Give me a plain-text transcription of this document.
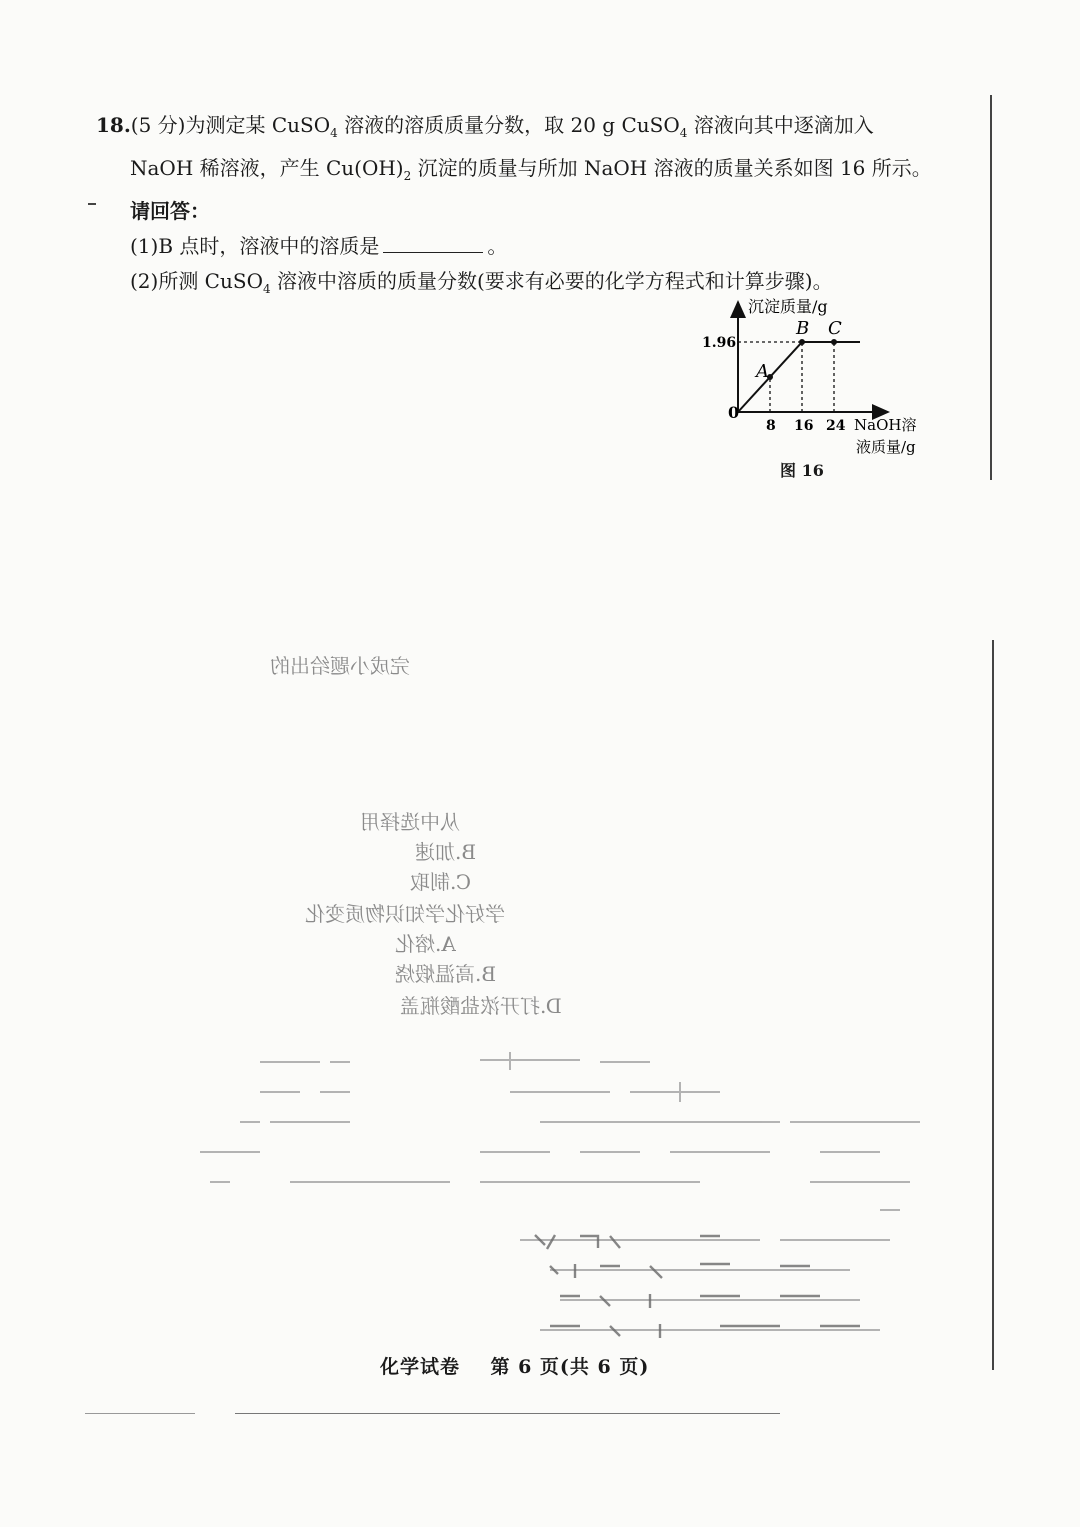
18.(5 分)为测定某 CuSO$_4$ 溶液的溶质质量分数，取 20 g CuSO$_4$ 溶液向其中逐滴加入
NaOH 稀溶液，产生 $Cu(OH)_2$ 沉淀的质量与所加 NaOH 溶液的质量关系如图 16 所示。
请回答：
(1)B 点时，溶液中的溶质是	。
(2)所测 CuSO$_4$ 溶液中溶质的质量分数(要求有必要的化学方程式和计算步骤)。
沉淀质量/g
NaOH溶
液质量/g
0
1.96
8 16 24
A
B C
图 16
完成小题给出的
从中选择用
B.加速
C.制取
学好化学知识物质变化
A.熔化
B.高温煅烧
D.打开浓盐酸瓶盖
化学试卷 第 6 页(共 6 页)
